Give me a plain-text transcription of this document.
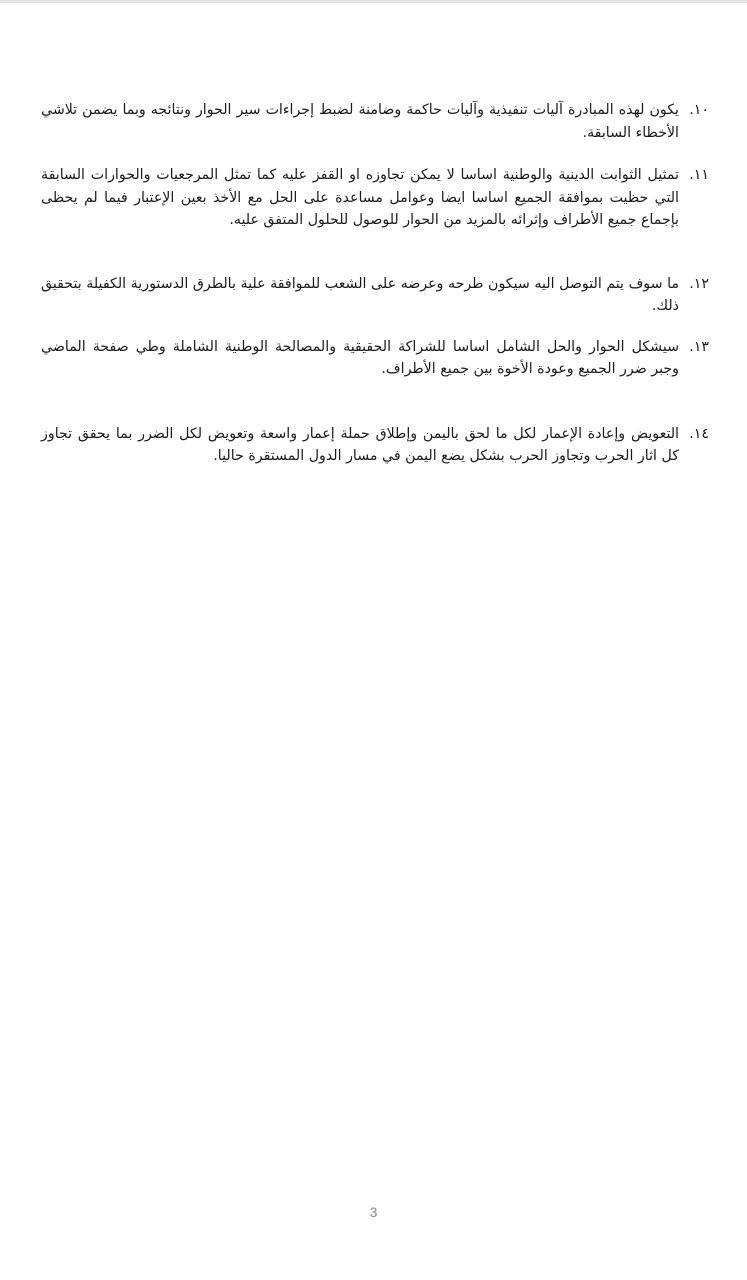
١٠.
يكون لهذه المبادرة آليات تنفيذية وآليات حاكمة وضامنة لضبط إجراءات سير الحوار ونتائجه وبما يضمن تلاشي الأخطاء السابقة.
١١.
تمثيل الثوابت الدينية والوطنية اساسا لا يمكن تجاوزه او القفز عليه كما تمثل المرجعيات والحوارات السابقة التي حظيت بموافقة الجميع اساسا ايضا وعوامل مساعدة على الحل مع الأخذ بعين الإعتبار فيما لم يحظى بإجماع جميع الأطراف وإثرائه بالمزيد من الحوار للوصول للحلول المتفق عليه.
١٢.
ما سوف يتم التوصل اليه سيكون طرحه وعرضه على الشعب للموافقة علية بالطرق الدستورية الكفيلة بتحقيق ذلك.
١٣.
سيشكل الحوار والحل الشامل اساسا للشراكة الحقيقية والمصالحة الوطنية الشاملة وطي صفحة الماضي وجبر ضرر الجميع وعودة الأخوة بين جميع الأطراف.
١٤.
التعويض وإعادة الإعمار لكل ما لحق باليمن وإطلاق حملة إعمار واسعة وتعويض لكل الضرر بما يحقق تجاوز كل اثار الحرب وتجاوز الحرب بشكل يضع اليمن في مسار الدول المستقرة حاليا.
3
